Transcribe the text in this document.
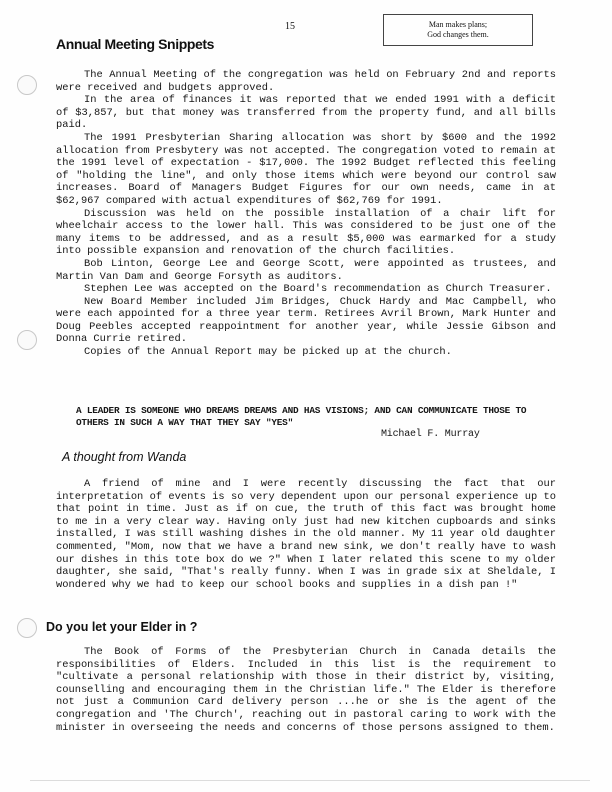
15	Man makes plans;
God changes them.
Annual Meeting Snippets

The Annual Meeting of the congregation was held on February 2nd and reports were received and budgets approved.

In the area of finances it was reported that we ended 1991 with a deficit of $3,857, but that money was transferred from the property fund, and all bills paid.

The 1991 Presbyterian Sharing allocation was short by $600 and the 1992 allocation from Presbytery was not accepted. The congregation voted to remain at the 1991 level of expectation - $17,000. The 1992 Budget reflected this feeling of "holding the line", and only those items which were beyond our control saw increases. Board of Managers Budget Figures for our own needs, came in at $62,967 compared with actual expenditures of $62,769 for 1991.

Discussion was held on the possible installation of a chair lift for wheelchair access to the lower hall. This was considered to be just one of the many items to be addressed, and as a result $5,000 was earmarked for a study into possible expansion and renovation of the church facilities.

Bob Linton, George Lee and George Scott, were appointed as trustees, and Martin Van Dam and George Forsyth as auditors.

Stephen Lee was accepted on the Board's recommendation as Church Treasurer.

New Board Member included Jim Bridges, Chuck Hardy and Mac Campbell, who were each appointed for a three year term. Retirees Avril Brown, Mark Hunter and Doug Peebles accepted reappointment for another year, while Jessie Gibson and Donna Currie retired.

Copies of the Annual Report may be picked up at the church.

A LEADER IS SOMEONE WHO DREAMS DREAMS AND HAS VISIONS; AND CAN COMMUNICATE THOSE TO OTHERS IN SUCH A WAY THAT THEY SAY "YES"

Michael F. Murray
A thought from Wanda

A friend of mine and I were recently discussing the fact that our interpretation of events is so very dependent upon our personal experience up to that point in time. Just as if on cue, the truth of this fact was brought home to me in a very clear way. Having only just had new kitchen cupboards and sinks installed, I was still washing dishes in the old manner. My 11 year old daughter commented, "Mom, now that we have a brand new sink, we don't really have to wash our dishes in this tote box do we ?" When I later related this scene to my older daughter, she said, "That's really funny. When I was in grade six at Sheldale, I wondered why we had to keep our school books and supplies in a dish pan !"

Do you let your Elder in ?

The Book of Forms of the Presbyterian Church in Canada details the responsibilities of Elders. Included in this list is the requirement to "cultivate a personal relationship with those in their district by, visiting, counselling and encouraging them in the Christian life." The Elder is therefore not just a Communion Card delivery person ...he or she is the agent of the congregation and 'The Church', reaching out in pastoral caring to work with the minister in overseeing the needs and concerns of those persons assigned to them.
